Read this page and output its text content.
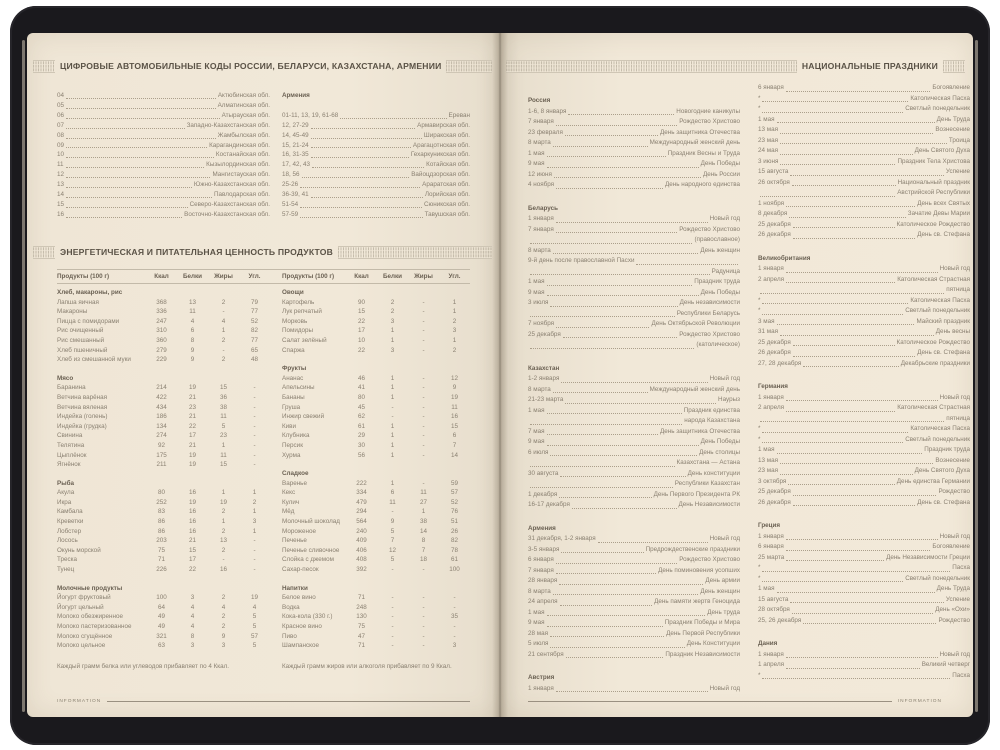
ЦИФРОВЫЕ АВТОМОБИЛЬНЫЕ КОДЫ РОССИИ, БЕЛАРУСИ, КАЗАХСТАНА, АРМЕНИИ
04	Актюбинская обл.
05	Алматинская обл.
06	Атырауская обл.
07	Западно-Казахстанская обл.
08	Жамбылская обл.
09	Карагандинская обл.
10	Костанайская обл.
11	Кызылординская обл.
12	Мангистауская обл.
13	Южно-Казахстанская обл.
14	Павлодарская обл.
15	Северо-Казахстанская обл.
16	Восточно-Казахстанская обл.
Армения
01-11, 13, 19, 61-68	Ереван
12, 27-29	Армавирская обл.
14, 45-49	Ширакская обл.
15, 21-24	Арагацотнская обл.
16, 31-35	Гехаркуникская обл.
17, 42, 43	Котайская обл.
18, 56	Вайоцдзорская обл.
25-26	Араратская обл.
36-39, 41	Лорийская обл.
51-54	Сюникская обл.
57-59	Тавушская обл.
ЭНЕРГЕТИЧЕСКАЯ И ПИТАТЕЛЬНАЯ ЦЕННОСТЬ ПРОДУКТОВ
Продукты (100 г)	Ккал	Белки	Жиры	Угл.	Продукты (100 г)	Ккал	Белки	Жиры	Угл.
Хлеб, макароны, рис
Лапша яичная	368	13	2	79
Макароны	336	11	-	77
Пицца с помидорами	247	4	4	52
Рис очищенный	310	6	1	82
Рис смешанный	360	8	2	77
Хлеб пшеничный	279	9	-	65
Хлеб из смешанной муки	229	9	2	48
Мясо
Баранина	214	19	15	-
Ветчина варёная	422	21	36	-
Ветчина вяленая	434	23	38	-
Индейка (голень)	186	21	11	-
Индейка (грудка)	134	22	5	-
Свинина	274	17	23	-
Телятина	92	21	1	-
Цыплёнок	175	19	11	-
Ягнёнок	211	19	15	-
Рыба
Акула	80	16	1	1
Икра	252	19	19	2
Камбала	83	16	2	1
Креветки	86	16	1	3
Лобстер	86	16	2	1
Лосось	203	21	13	-
Окунь морской	75	15	2	-
Треска	71	17	-	-
Тунец	226	22	16	-
Молочные продукты
Йогурт фруктовый	100	3	2	19
Йогурт цельный	64	4	4	4
Молоко обезжиренное	49	4	2	5
Молоко пастеризованное	49	4	2	5
Молоко сгущённое	321	8	9	57
Молоко цельное	63	3	3	5
Овощи
Картофель	90	2	-	1
Лук репчатый	15	2	-	1
Морковь	22	3	-	2
Помидоры	17	1	-	3
Салат зелёный	10	1	-	1
Спаржа	22	3	-	2
Фрукты
Ананас	46	1	-	12
Апельсины	41	1	-	9
Бананы	80	1	-	19
Груша	45	-	-	11
Инжир свежий	62	-	-	16
Киви	61	1	-	15
Клубника	29	1	-	6
Персик	30	1	-	7
Хурма	56	1	-	14
Сладкое
Варенье	222	1	-	59
Кекс	334	6	11	57
Кулич	479	11	27	52
Мёд	294	-	1	76
Молочный шоколад	564	9	38	51
Мороженое	240	5	14	26
Печенье	409	7	8	82
Печенье сливочное	406	12	7	78
Слойка с джемом	408	5	18	61
Сахар-песок	392	-	-	100
Напитки
Белое вино	71	-	-	-
Водка	248	-	-	-
Кока-кола (330 г.)	130	-	-	35
Красное вино	75	-	-	-
Пиво	47	-	-	-
Шампанское	71	-	-	3
Каждый грамм белка или углеводов прибавляет по 4 Ккал.	Каждый грамм жиров или алкоголя прибавляет по 9 Ккал.
INFORMATION
НАЦИОНАЛЬНЫЕ ПРАЗДНИКИ
Россия
1-6, 8 января	Новогодние каникулы
7 января	Рождество Христово
23 февраля	День защитника Отечества
8 марта	Международный женский день
1 мая	Праздник Весны и Труда
9 мая	День Победы
12 июня	День России
4 ноября	День народного единства
Беларусь
1 января	Новый год
7 января	Рождество Христово
(православное)
8 марта	День женщин
9-й день после православной Пасхи
Радуница
1 мая	Праздник труда
9 мая	День Победы
3 июля	День независимости
Республики Беларусь
7 ноября	День Октябрьской Революции
25 декабря	Рождество Христово
(католическое)
Казахстан
1-2 января	Новый год
8 марта	Международный женский день
21-23 марта	Наурыз
1 мая	Праздник единства
народа Казахстана
7 мая	День защитника Отечества
9 мая	День Победы
6 июля	День столицы
Казахстана — Астана
30 августа	День конституции
Республики Казахстан
1 декабря	День Первого Президента РК
16-17 декабря	День Независимости
Армения
31 декабря, 1-2 января	Новый год
3-5 января	Предрождественские праздники
6 января	Рождество Христово
7 января	День поминовения усопших
28 января	День армии
8 марта	День женщин
24 апреля	День памяти жертв Геноцида
1 мая	День труда
9 мая	Праздник Победы и Мира
28 мая	День Первой Республики
5 июля	День Конституции
21 сентября	Праздник Независимости
Австрия
1 января	Новый год
6 января	Богоявление
*	Католическая Пасха
*	Светлый понедельник
1 мая	День Труда
13 мая	Вознесение
23 мая	Троица
24 мая	День Святого Духа
3 июня	Праздник Тела Христова
15 августа	Успение
26 октября	Национальный праздник
Австрийской Республики
1 ноября	День всех Святых
8 декабря	Зачатие Девы Марии
25 декабря	Католическое Рождество
26 декабря	День св. Стефана
Великобритания
1 января	Новый год
2 апреля	Католическая Страстная
пятница
*	Католическая Пасха
*	Светлый понедельник
3 мая	Майский праздник
31 мая	День весны
25 декабря	Католическое Рождество
26 декабря	День св. Стефана
27, 28 декабря	Декабрьские праздники
Германия
1 января	Новый год
2 апреля	Католическая Страстная
пятница
*	Католическая Пасха
*	Светлый понедельник
1 мая	Праздник труда
13 мая	Вознесение
23 мая	День Святого Духа
3 октября	День единства Германии
25 декабря	Рождество
26 декабря	День св. Стефана
Греция
1 января	Новый год
6 января	Богоявление
25 марта	День Независимости Греции
*	Пасха
*	Светлый понедельник
1 мая	День Труда
15 августа	Успение
28 октября	День «Охи»
25, 26 декабря	Рождество
Дания
1 января	Новый год
1 апреля	Великий четверг
*	Пасха
INFORMATION
